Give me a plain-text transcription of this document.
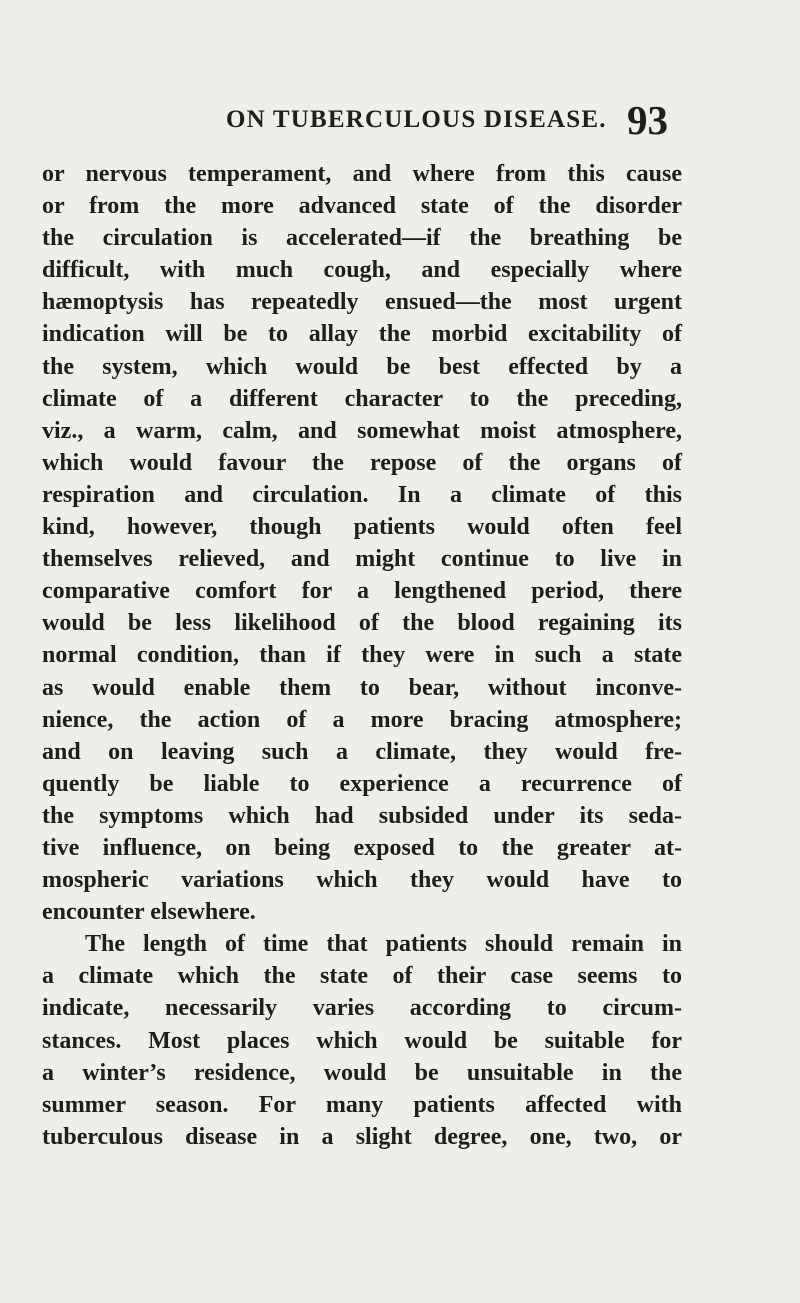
ON TUBERCULOUS DISEASE. 93
or nervous temperament, and where from this cause
or from the more advanced state of the disorder
the circulation is accelerated—if the breathing be
difficult, with much cough, and especially where
hæmoptysis has repeatedly ensued—the most urgent
indication will be to allay the morbid excitability of
the system, which would be best effected by a
climate of a different character to the preceding,
viz., a warm, calm, and somewhat moist atmosphere,
which would favour the repose of the organs of
respiration and circulation. In a climate of this
kind, however, though patients would often feel
themselves relieved, and might continue to live in
comparative comfort for a lengthened period, there
would be less likelihood of the blood regaining its
normal condition, than if they were in such a state
as would enable them to bear, without inconve-
nience, the action of a more bracing atmosphere;
and on leaving such a climate, they would fre-
quently be liable to experience a recurrence of
the symptoms which had subsided under its seda-
tive influence, on being exposed to the greater at-
mospheric variations which they would have to
encounter elsewhere.
The length of time that patients should remain in
a climate which the state of their case seems to
indicate, necessarily varies according to circum-
stances. Most places which would be suitable for
a winter’s residence, would be unsuitable in the
summer season. For many patients affected with
tuberculous disease in a slight degree, one, two, or
